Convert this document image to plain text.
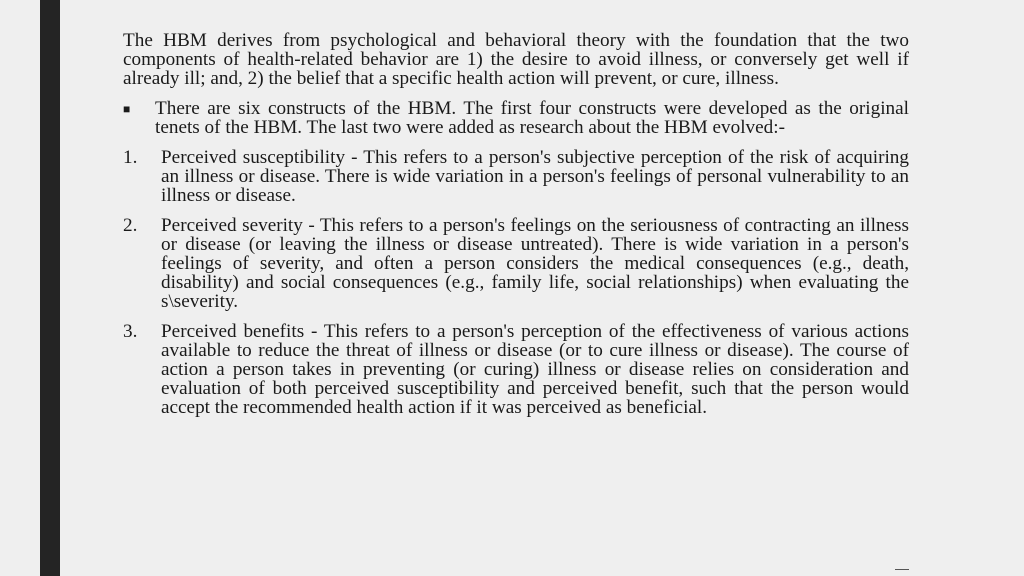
The HBM derives from psychological and behavioral theory with the foundation that the two components of health-related behavior are 1) the desire to avoid illness, or conversely get well if already ill; and, 2) the belief that a specific health action will prevent, or cure, illness.

■	There are six constructs of the HBM. The first four constructs were developed as the original tenets of the HBM. The last two were added as research about the HBM evolved:-
1.	Perceived susceptibility - This refers to a person's subjective perception of the risk of acquiring an illness or disease. There is wide variation in a person's feelings of personal vulnerability to an illness or disease.
2.	Perceived severity - This refers to a person's feelings on the seriousness of contracting an illness or disease (or leaving the illness or disease untreated). There is wide variation in a person's feelings of severity, and often a person considers the medical consequences (e.g., death, disability) and social consequences (e.g., family life, social relationships) when evaluating the s\severity.
3.	Perceived benefits - This refers to a person's perception of the effectiveness of various actions available to reduce the threat of illness or disease (or to cure illness or disease). The course of action a person takes in preventing (or curing) illness or disease relies on consideration and evaluation of both perceived susceptibility and perceived benefit, such that the person would accept the recommended health action if it was perceived as beneficial.
